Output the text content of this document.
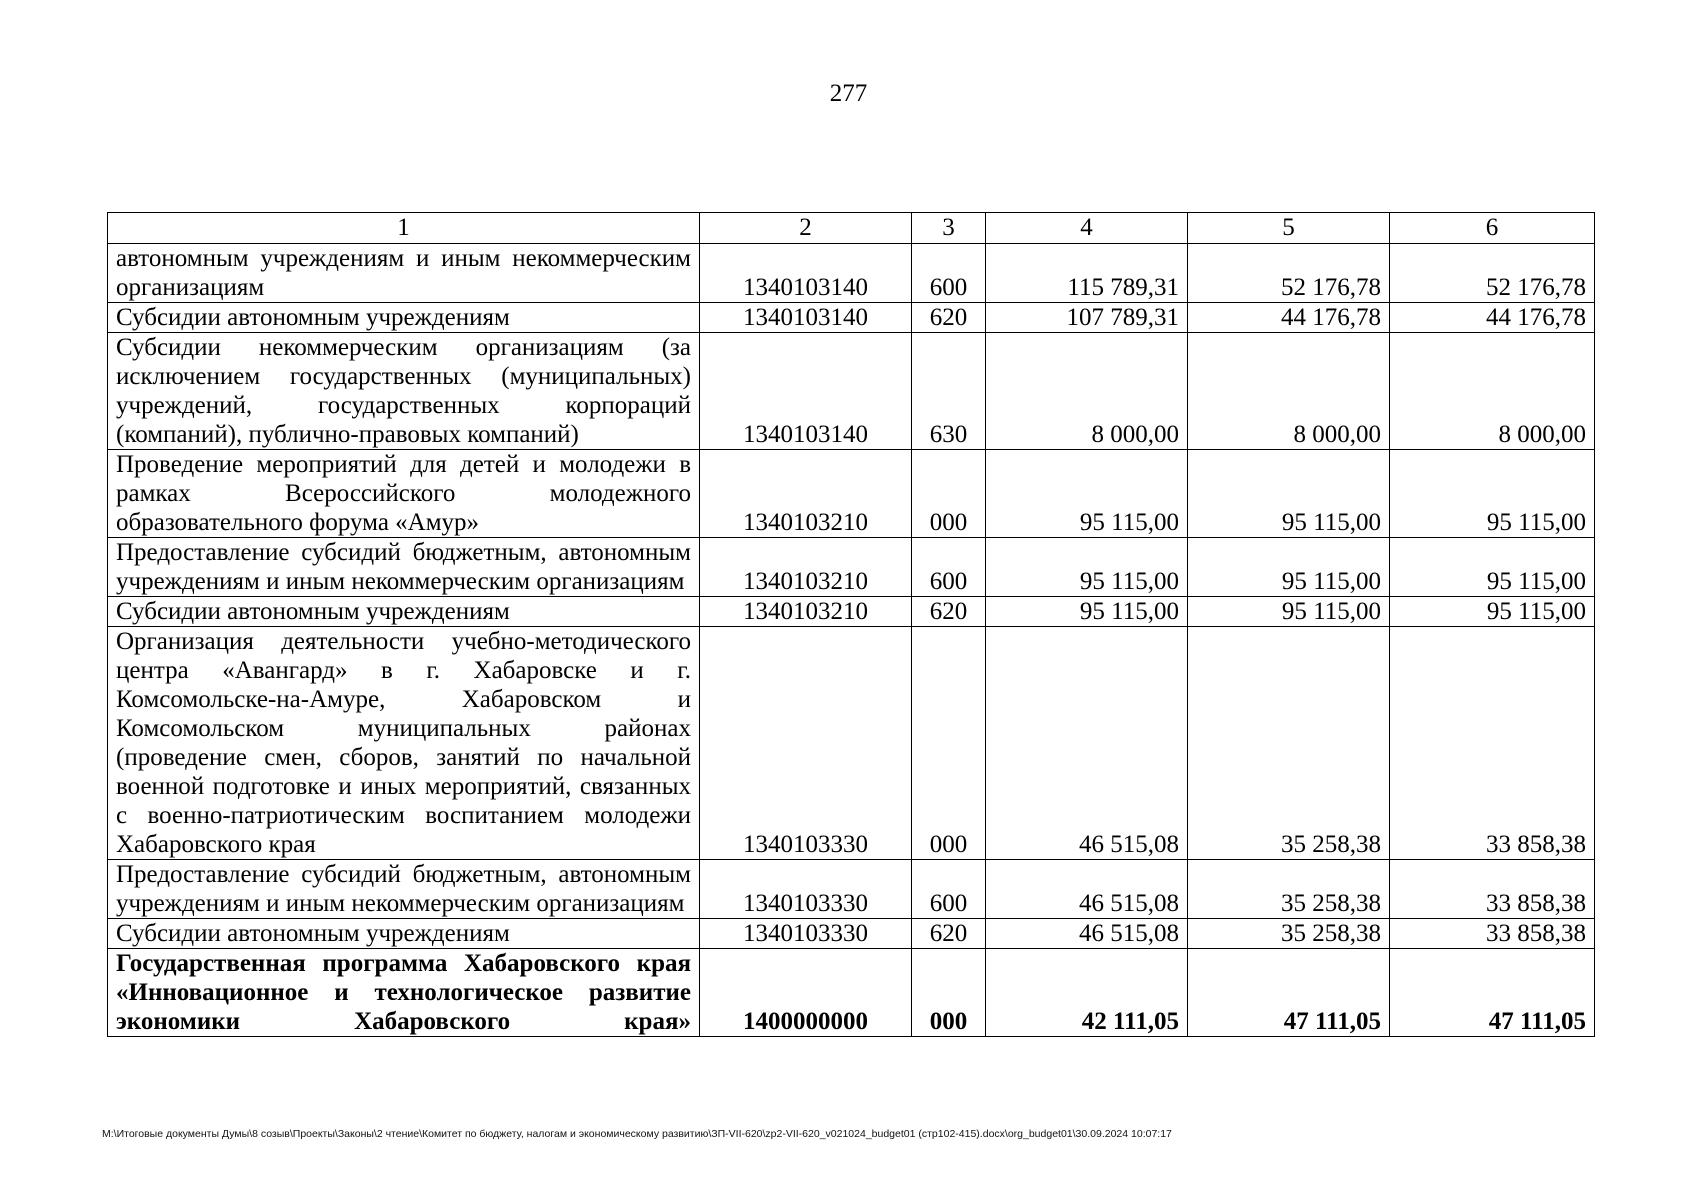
277
1	2	3	4	5	6
автономным учреждениям и иным некоммерческим организациям	1340103140	600	115 789,31	52 176,78	52 176,78
Субсидии автономным учреждениям	1340103140	620	107 789,31	44 176,78	44 176,78
Субсидии некоммерческим организациям (за исключением государственных (муниципальных) учреждений, государственных корпораций (компаний), публично-правовых компаний)	1340103140	630	8 000,00	8 000,00	8 000,00
Проведение мероприятий для детей и молодежи в рамках Всероссийского молодежного образовательного форума «Амур»	1340103210	000	95 115,00	95 115,00	95 115,00
Предоставление субсидий бюджетным, автономным учреждениям и иным некоммерческим организациям	1340103210	600	95 115,00	95 115,00	95 115,00
Субсидии автономным учреждениям	1340103210	620	95 115,00	95 115,00	95 115,00
Организация деятельности учебно-методического центра «Авангард» в г. Хабаровске и г. Комсомольске-на-Амуре, Хабаровском и Комсомольском муниципальных районах (проведение смен, сборов, занятий по начальной военной подготовке и иных мероприятий, связанных с военно-патриотическим воспитанием молодежи Хабаровского края	1340103330	000	46 515,08	35 258,38	33 858,38
Предоставление субсидий бюджетным, автономным учреждениям и иным некоммерческим организациям	1340103330	600	46 515,08	35 258,38	33 858,38
Субсидии автономным учреждениям	1340103330	620	46 515,08	35 258,38	33 858,38
Государственная программа Хабаровского края «Инновационное и технологическое развитие экономики Хабаровского края»	1400000000	000	42 111,05	47 111,05	47 111,05
M:\Итоговые документы Думы\8 созыв\Проекты\Законы\2 чтение\Комитет по бюджету, налогам и экономическому развитию\ЗП-VII-620\zp2-VII-620_v021024_budget01 (стр102-415).docx\org_budget01\30.09.2024 10:07:17
